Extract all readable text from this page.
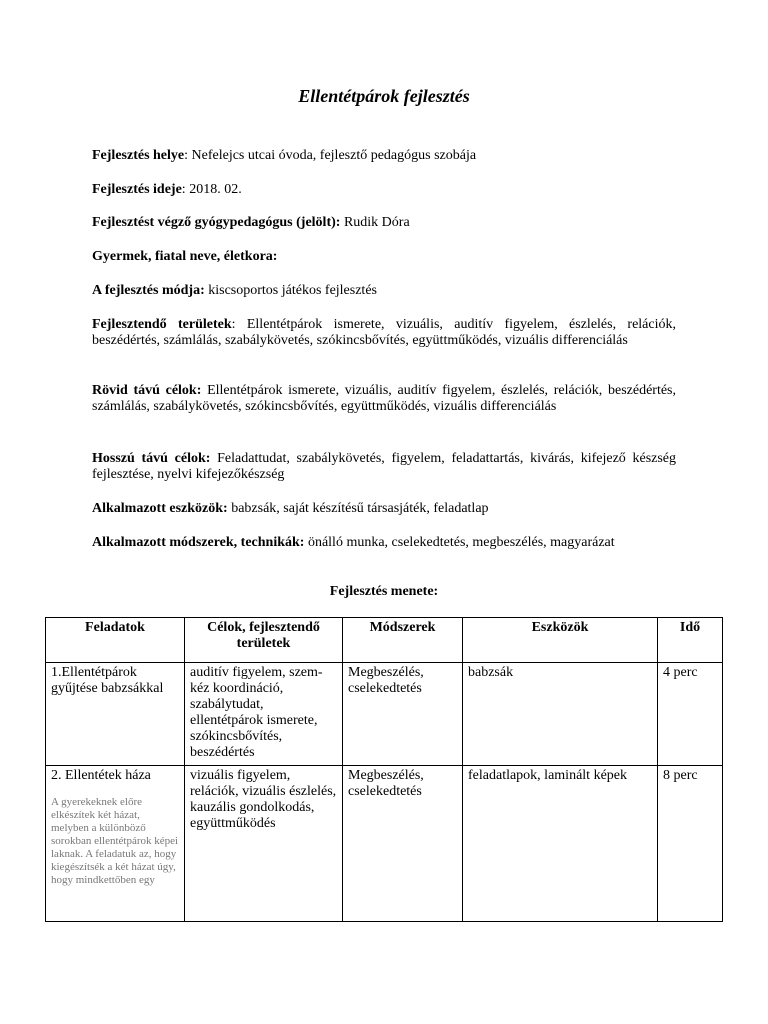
Ellentétpárok fejlesztés

Fejlesztés helye: Nefelejcs utcai óvoda, fejlesztő pedagógus szobája

Fejlesztés ideje: 2018. 02.

Fejlesztést végző gyógypedagógus (jelölt): Rudik Dóra

Gyermek, fiatal neve, életkora:

A fejlesztés módja: kiscsoportos játékos fejlesztés

Fejlesztendő területek: Ellentétpárok ismerete, vizuális, auditív figyelem, észlelés, relációk, beszédértés, számlálás, szabálykövetés, szókincsbővítés, együttműködés, vizuális differenciálás

Rövid távú célok: Ellentétpárok ismerete, vizuális, auditív figyelem, észlelés, relációk, beszédértés, számlálás, szabálykövetés, szókincsbővítés, együttműködés, vizuális differenciálás

Hosszú távú célok: Feladattudat, szabálykövetés, figyelem, feladattartás, kivárás, kifejező készség fejlesztése, nyelvi kifejezőkészség

Alkalmazott eszközök: babzsák, saját készítésű társasjáték, feladatlap

Alkalmazott módszerek, technikák: önálló munka, cselekedtetés, megbeszélés, magyarázat

Fejlesztés menete:
Feladatok	Célok, fejlesztendő területek	Módszerek	Eszközök	Idő
1.Ellentétpárok gyűjtése babzsákkal	auditív figyelem, szem-kéz koordináció, szabálytudat, ellentétpárok ismerete, szókincsbővítés, beszédértés	Megbeszélés, cselekedtetés	babzsák	4 perc
2. Ellentétek háza
A gyerekeknek előre elkészítek két házat, melyben a különböző sorokban ellentétpárok képei laknak. A feladatuk az, hogy kiegészítsék a két házat úgy, hogy mindkettőben egy	vizuális figyelem, relációk, vizuális észlelés, kauzális gondolkodás, együttműködés	Megbeszélés, cselekedtetés	feladatlapok, laminált képek	8 perc
